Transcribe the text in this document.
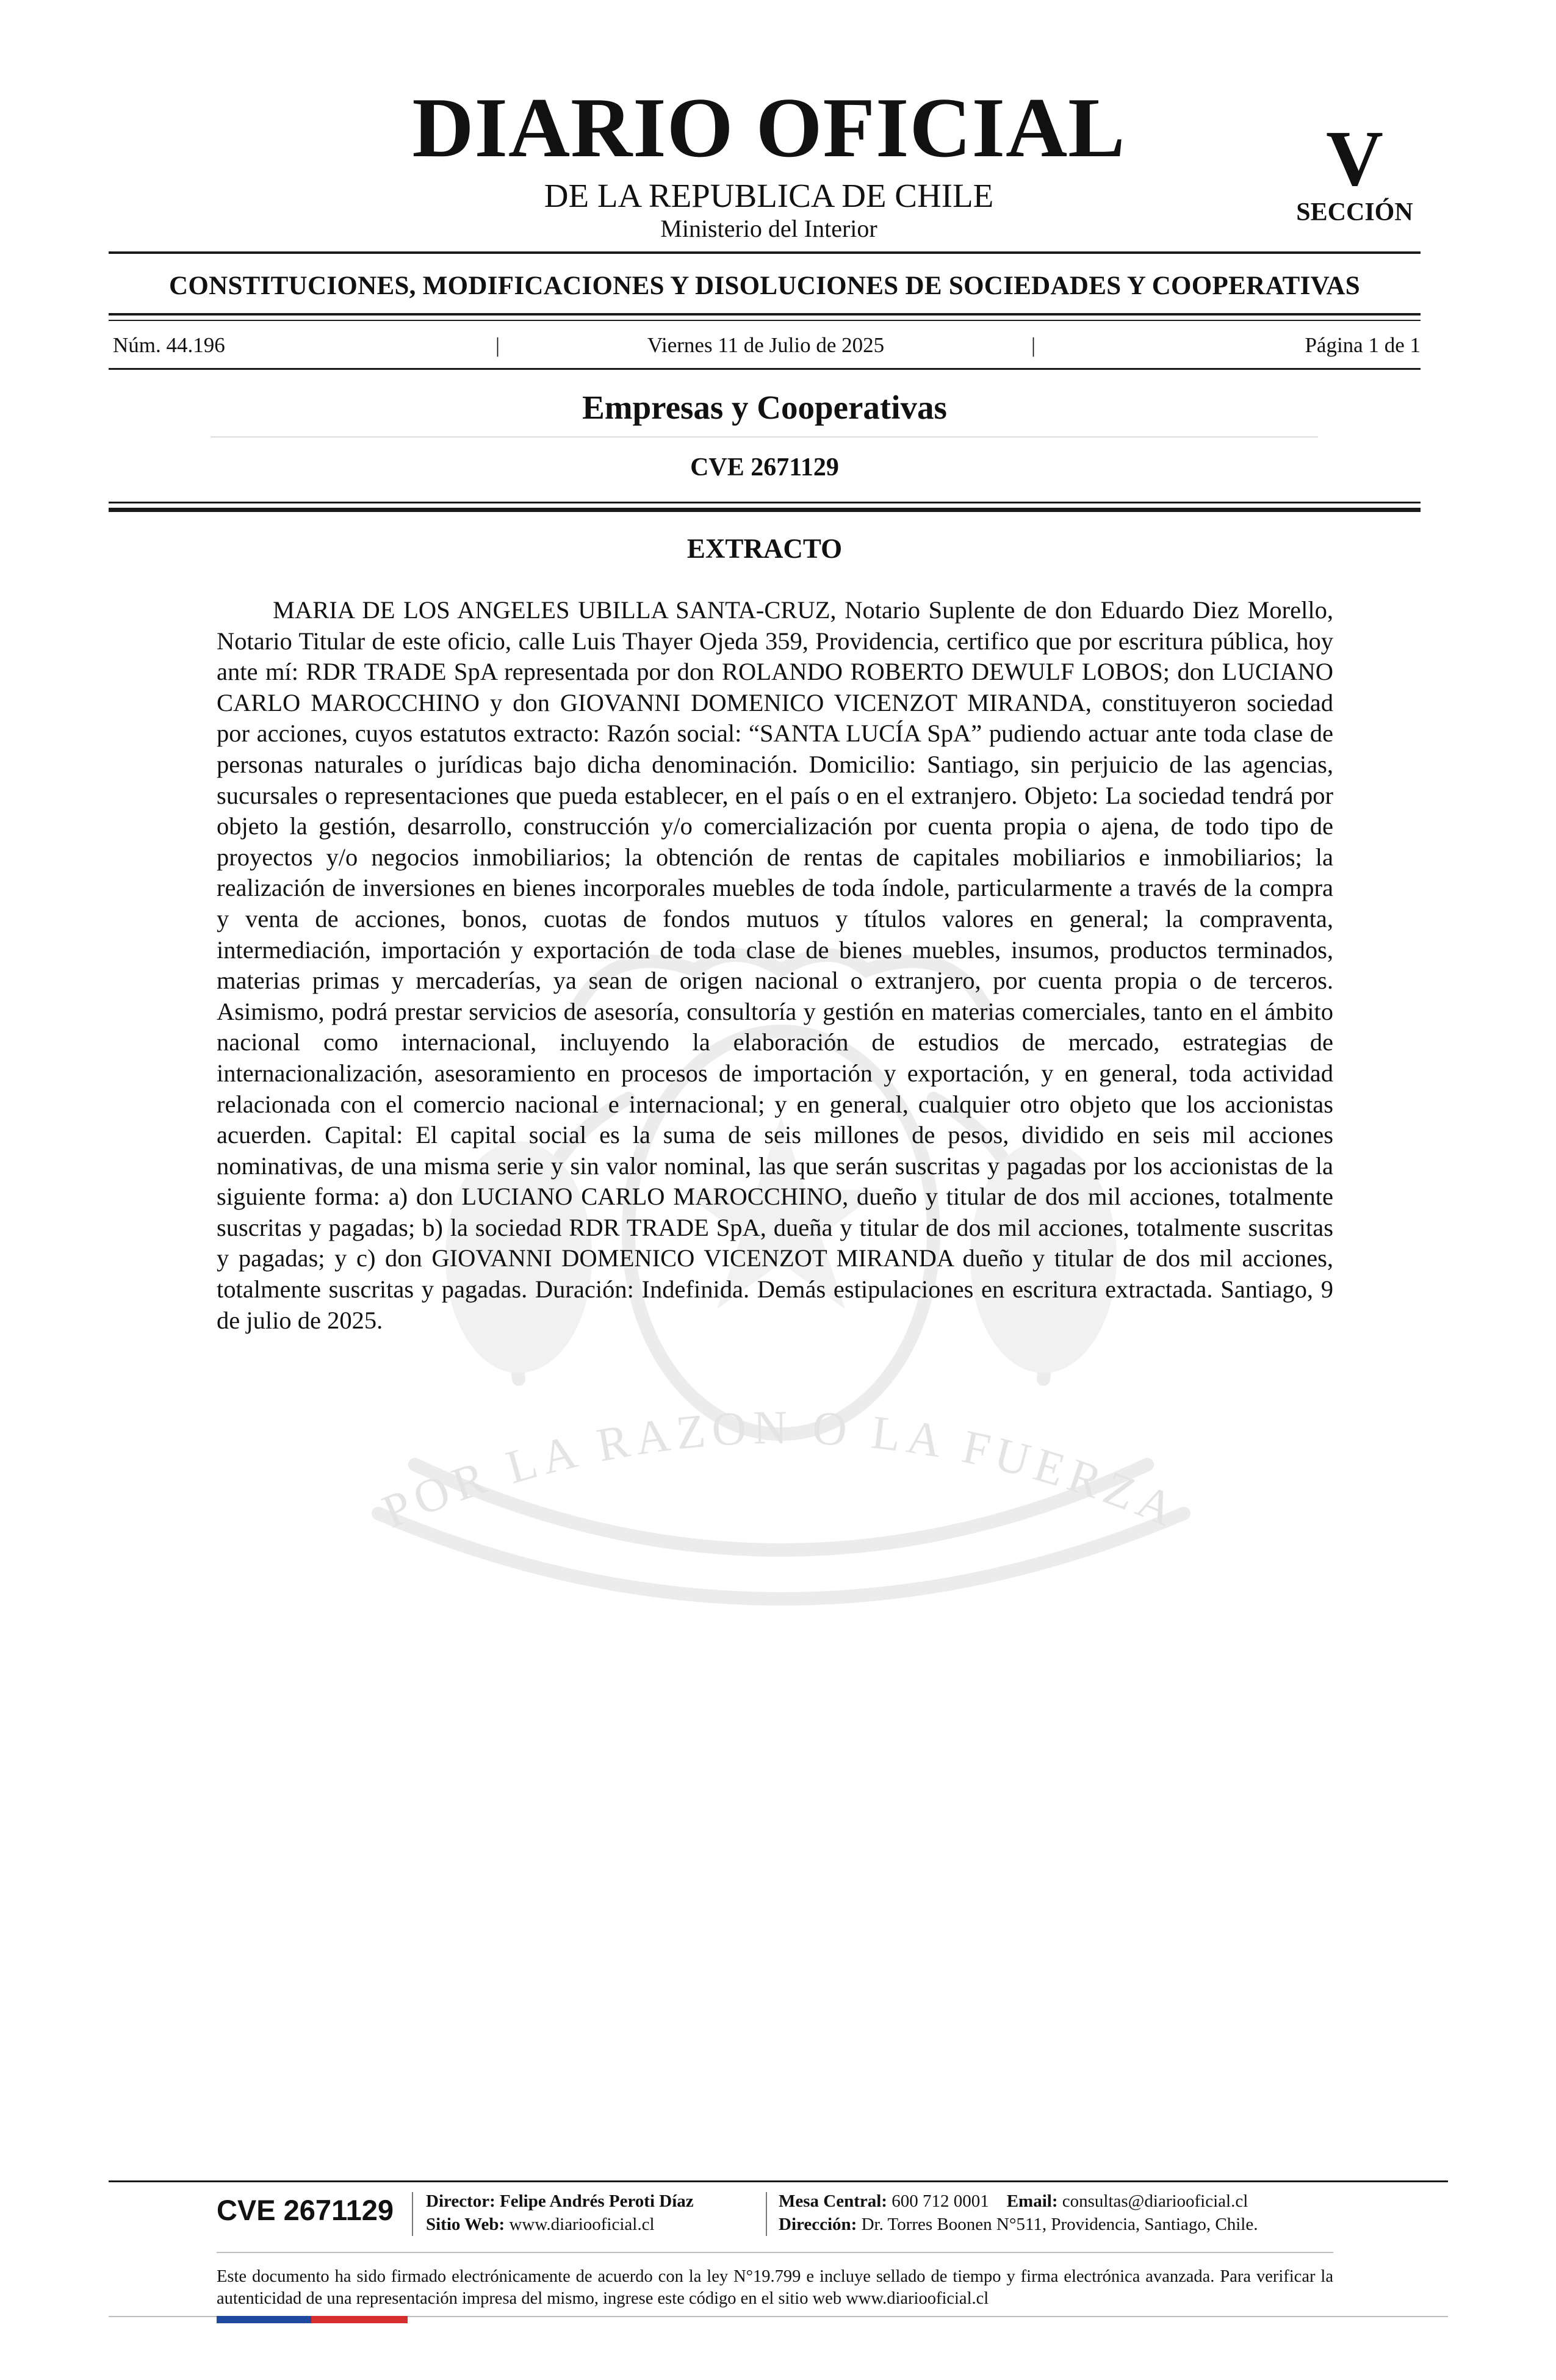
POR LA RAZON O LA FUERZA
DIARIO OFICIAL
DE LA REPUBLICA DE CHILE
Ministerio del Interior
V
SECCIÓN
CONSTITUCIONES, MODIFICACIONES Y DISOLUCIONES DE SOCIEDADES Y COOPERATIVAS
Núm. 44.196	|	Viernes 11 de Julio de 2025	|	Página 1 de 1
Empresas y Cooperativas
CVE 2671129
EXTRACTO
MARIA DE LOS ANGELES UBILLA SANTA-CRUZ, Notario Suplente de don Eduardo Diez Morello, Notario Titular de este oficio, calle Luis Thayer Ojeda 359, Providencia, certifico que por escritura pública, hoy ante mí: RDR TRADE SpA representada por don ROLANDO ROBERTO DEWULF LOBOS; don LUCIANO CARLO MAROCCHINO y don GIOVANNI DOMENICO VICENZOT MIRANDA, constituyeron sociedad por acciones, cuyos estatutos extracto: Razón social: “SANTA LUCÍA SpA” pudiendo actuar ante toda clase de personas naturales o jurídicas bajo dicha denominación. Domicilio: Santiago, sin perjuicio de las agencias, sucursales o representaciones que pueda establecer, en el país o en el extranjero. Objeto: La sociedad tendrá por objeto la gestión, desarrollo, construcción y/o comercialización por cuenta propia o ajena, de todo tipo de proyectos y/o negocios inmobiliarios; la obtención de rentas de capitales mobiliarios e inmobiliarios; la realización de inversiones en bienes incorporales muebles de toda índole, particularmente a través de la compra y venta de acciones, bonos, cuotas de fondos mutuos y títulos valores en general; la compraventa, intermediación, importación y exportación de toda clase de bienes muebles, insumos, productos terminados, materias primas y mercaderías, ya sean de origen nacional o extranjero, por cuenta propia o de terceros. Asimismo, podrá prestar servicios de asesoría, consultoría y gestión en materias comerciales, tanto en el ámbito nacional como internacional, incluyendo la elaboración de estudios de mercado, estrategias de internacionalización, asesoramiento en procesos de importación y exportación, y en general, toda actividad relacionada con el comercio nacional e internacional; y en general, cualquier otro objeto que los accionistas acuerden. Capital: El capital social es la suma de seis millones de pesos, dividido en seis mil acciones nominativas, de una misma serie y sin valor nominal, las que serán suscritas y pagadas por los accionistas de la siguiente forma: a) don LUCIANO CARLO MAROCCHINO, dueño y titular de dos mil acciones, totalmente suscritas y pagadas; b) la sociedad RDR TRADE SpA, dueña y titular de dos mil acciones, totalmente suscritas y pagadas; y c) don GIOVANNI DOMENICO VICENZOT MIRANDA dueño y titular de dos mil acciones, totalmente suscritas y pagadas. Duración: Indefinida. Demás estipulaciones en escritura extractada. Santiago, 9 de julio de 2025.
CVE 2671129	Director: Felipe Andrés Peroti Díaz
Sitio Web: www.diariooficial.cl
Mesa Central: 600 712 0001 Email: consultas@diariooficial.cl
Dirección: Dr. Torres Boonen N°511, Providencia, Santiago, Chile.
Este documento ha sido firmado electrónicamente de acuerdo con la ley N°19.799 e incluye sellado de tiempo y firma electrónica avanzada. Para verificar la autenticidad de una representación impresa del mismo, ingrese este código en el sitio web www.diariooficial.cl
